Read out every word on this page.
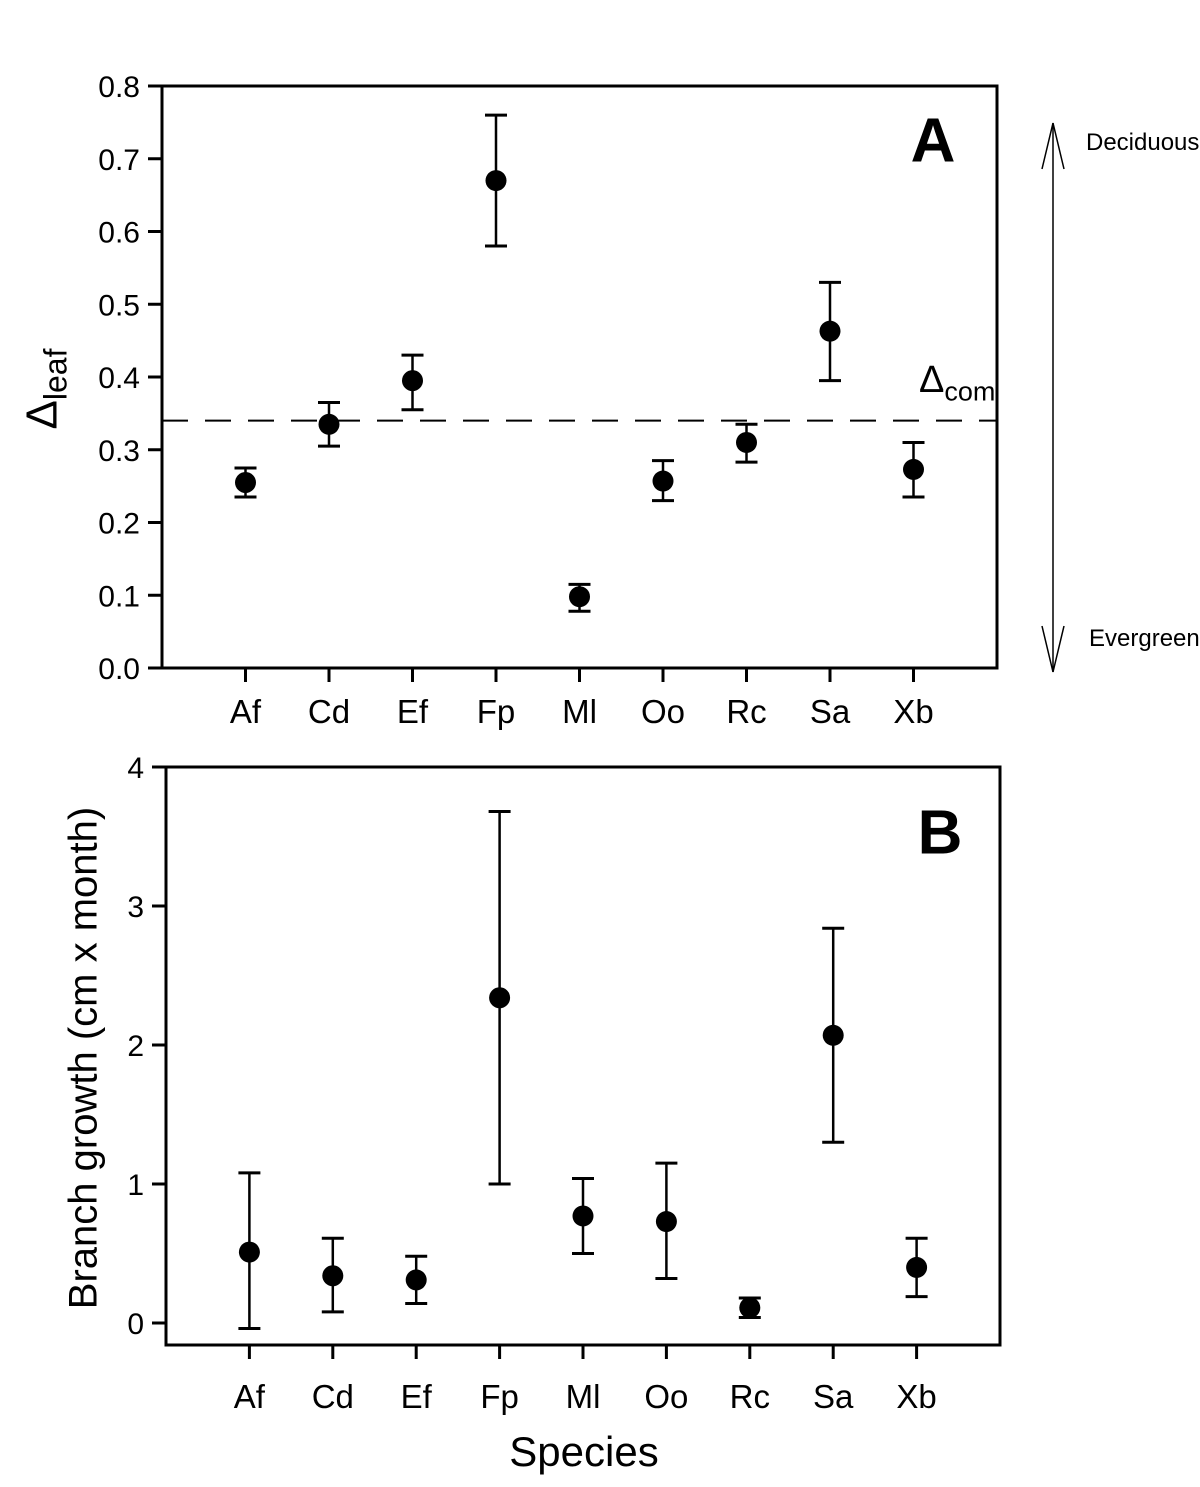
0.0
0.1
0.2
0.3
0.4
0.5
0.6
0.7
0.8
Af Cd Ef Fp Ml Oo Rc Sa Xb
0
1
2
3
4
Af Cd Ef Fp Ml Oo Rc Sa Xb
A
B
$\Delta_{leaf}$
Branch growth (cm x month)
Species
$\Delta_{com}$
Deciduous
Evergreen
